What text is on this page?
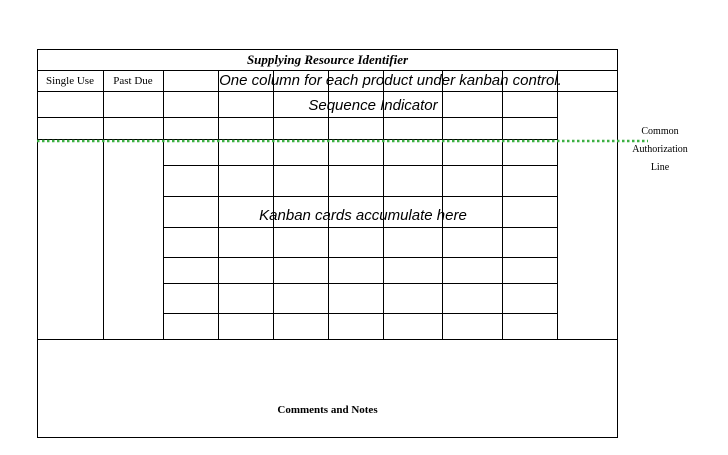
Supplying Resource Identifier
Single Use	Past Due	One column for each product under kanban control.
Sequence Indicator
Kanban cards accumulate here
Common
Authorization
Line
Comments and Notes
